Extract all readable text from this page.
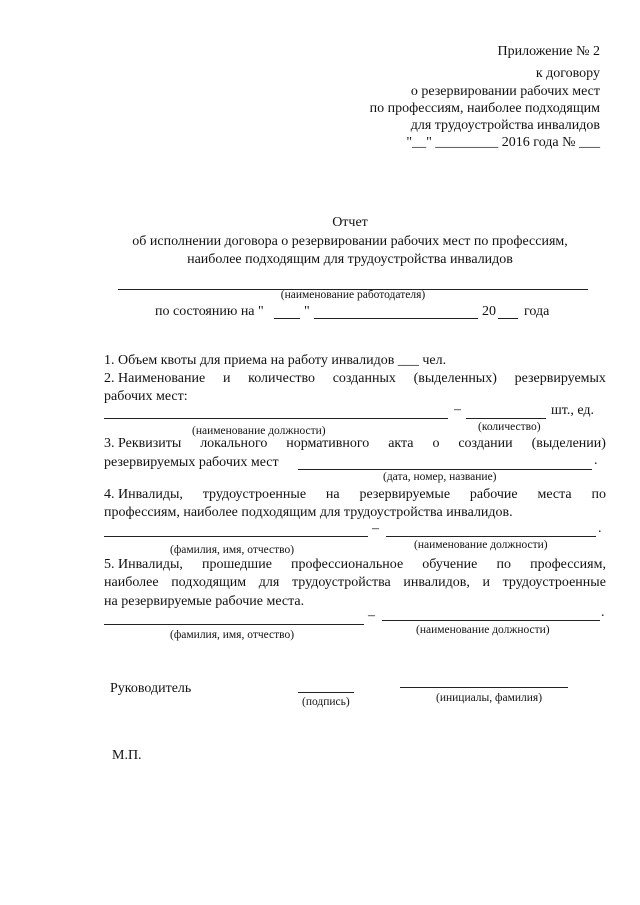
Приложение № 2
к договору
о резервировании рабочих мест
по профессиям, наиболее подходящим
для трудоустройства инвалидов
"__" _________ 2016 года № ___
Отчет
об исполнении договора о резервировании рабочих мест по профессиям,
наиболее подходящим для трудоустройства инвалидов
(наименование работодателя)
по состоянию на "	"	20 года
1. Объем квоты для приема на работу инвалидов ___ чел.
2. Наименование и количество созданных (выделенных) резервируемых
рабочих мест:
–	шт., ед.
(наименование должности)	(количество)
3. Реквизиты локального нормативного акта о создании (выделении)
резервируемых рабочих мест	.
(дата, номер, название)
4. Инвалиды, трудоустроенные на резервируемые рабочие места по
профессиям, наиболее подходящим для трудоустройства инвалидов.
–	.
(фамилия, имя, отчество)	(наименование должности)
5. Инвалиды, прошедшие профессиональное обучение по профессиям,
наиболее подходящим для трудоустройства инвалидов, и трудоустроенные
на резервируемые рабочие места.
–	.
(фамилия, имя, отчество)	(наименование должности)
Руководитель
(подпись)	(инициалы, фамилия)
М.П.
